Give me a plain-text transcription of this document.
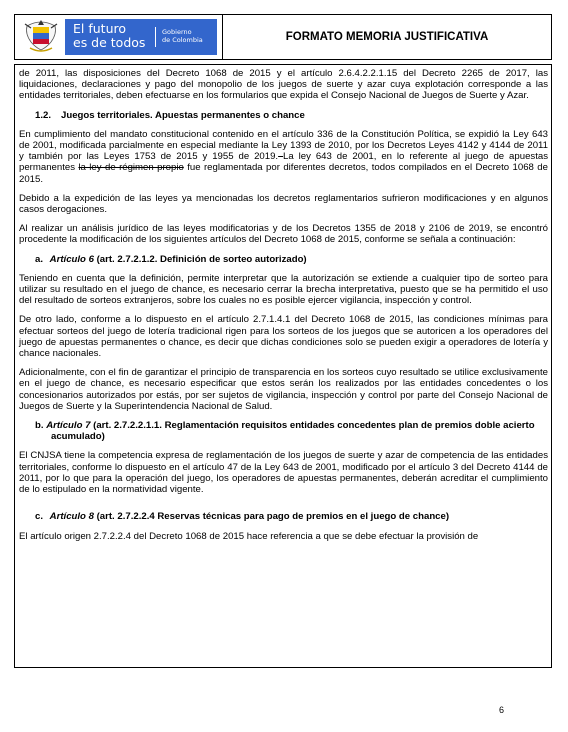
El futuro
es de todos
Gobierno
de Colombia	FORMATO MEMORIA JUSTIFICATIVA

de 2011, las disposiciones del Decreto 1068 de 2015 y el artículo 2.6.4.2.2.1.15 del Decreto 2265 de 2017, las liquidaciones, declaraciones y pago del monopolio de los juegos de suerte y azar cuya explotación corresponde a las entidades territoriales, deben efectuarse en los formularios que expida el Consejo Nacional de Juegos de Suerte y Azar.

1.2. Juegos territoriales. Apuestas permanentes o chance

En cumplimiento del mandato constitucional contenido en el artículo 336 de la Constitución Política, se expidió la Ley 643 de 2001, modificada parcialmente en especial mediante la Ley 1393 de 2010, por los Decretos Leyes 4142 y 4144 de 2011 y también por las Leyes 1753 de 2015 y 1955 de 2019. La ley 643 de 2001, en lo referente al juego de apuestas permanentes la ley de régimen propio fue reglamentada por diferentes decretos, todos compilados en el Decreto 1068 de 2015.

Debido a la expedición de las leyes ya mencionadas los decretos reglamentarios sufrieron modificaciones y en algunos casos derogaciones.

Al realizar un análisis jurídico de las leyes modificatorias y de los Decretos 1355 de 2018 y 2106 de 2019, se encontró procedente la modificación de los siguientes artículos del Decreto 1068 de 2015, conforme se señala a continuación:

a. Artículo 6 (art. 2.7.2.1.2. Definición de sorteo autorizado)

Teniendo en cuenta que la definición, permite interpretar que la autorización se extiende a cualquier tipo de sorteo para utilizar su resultado en el juego de chance, es necesario cerrar la brecha interpretativa, puesto que se ha permitido el uso del resultado de sorteos extranjeros, sobre los cuales no es posible ejercer vigilancia, inspección y control.

De otro lado, conforme a lo dispuesto en el artículo 2.7.1.4.1 del Decreto 1068 de 2015, las condiciones mínimas para efectuar sorteos del juego de lotería tradicional rigen para los sorteos de los juegos que se autoricen a los operadores del juego de apuestas permanentes o chance, es decir que dichas condiciones solo se pueden exigir a operadores de lotería y chance nacionales.

Adicionalmente, con el fin de garantizar el principio de transparencia en los sorteos cuyo resultado se utilice exclusivamente en el juego de chance, es necesario especificar que estos serán los realizados por las entidades concedentes o los concesionarios autorizados por estás, por ser sujetos de vigilancia, inspección y control por parte del Consejo Nacional de Juegos de Suerte y la Superintendencia Nacional de Salud.

b. Artículo 7 (art. 2.7.2.2.1.1. Reglamentación requisitos entidades concedentes plan de premios doble acierto acumulado)

El CNJSA tiene la competencia expresa de reglamentación de los juegos de suerte y azar de competencia de las entidades territoriales, conforme lo dispuesto en el artículo 47 de la Ley 643 de 2001, modificado por el artículo 3 del Decreto 4144 de 2011, por lo que para la operación del juego, los operadores de apuestas permanentes, deberán acreditar el cumplimiento de lo estipulado en la normatividad vigente.

c. Artículo 8 (art. 2.7.2.2.4 Reservas técnicas para pago de premios en el juego de chance)

El artículo origen 2.7.2.2.4 del Decreto 1068 de 2015 hace referencia a que se debe efectuar la provisión de

6
